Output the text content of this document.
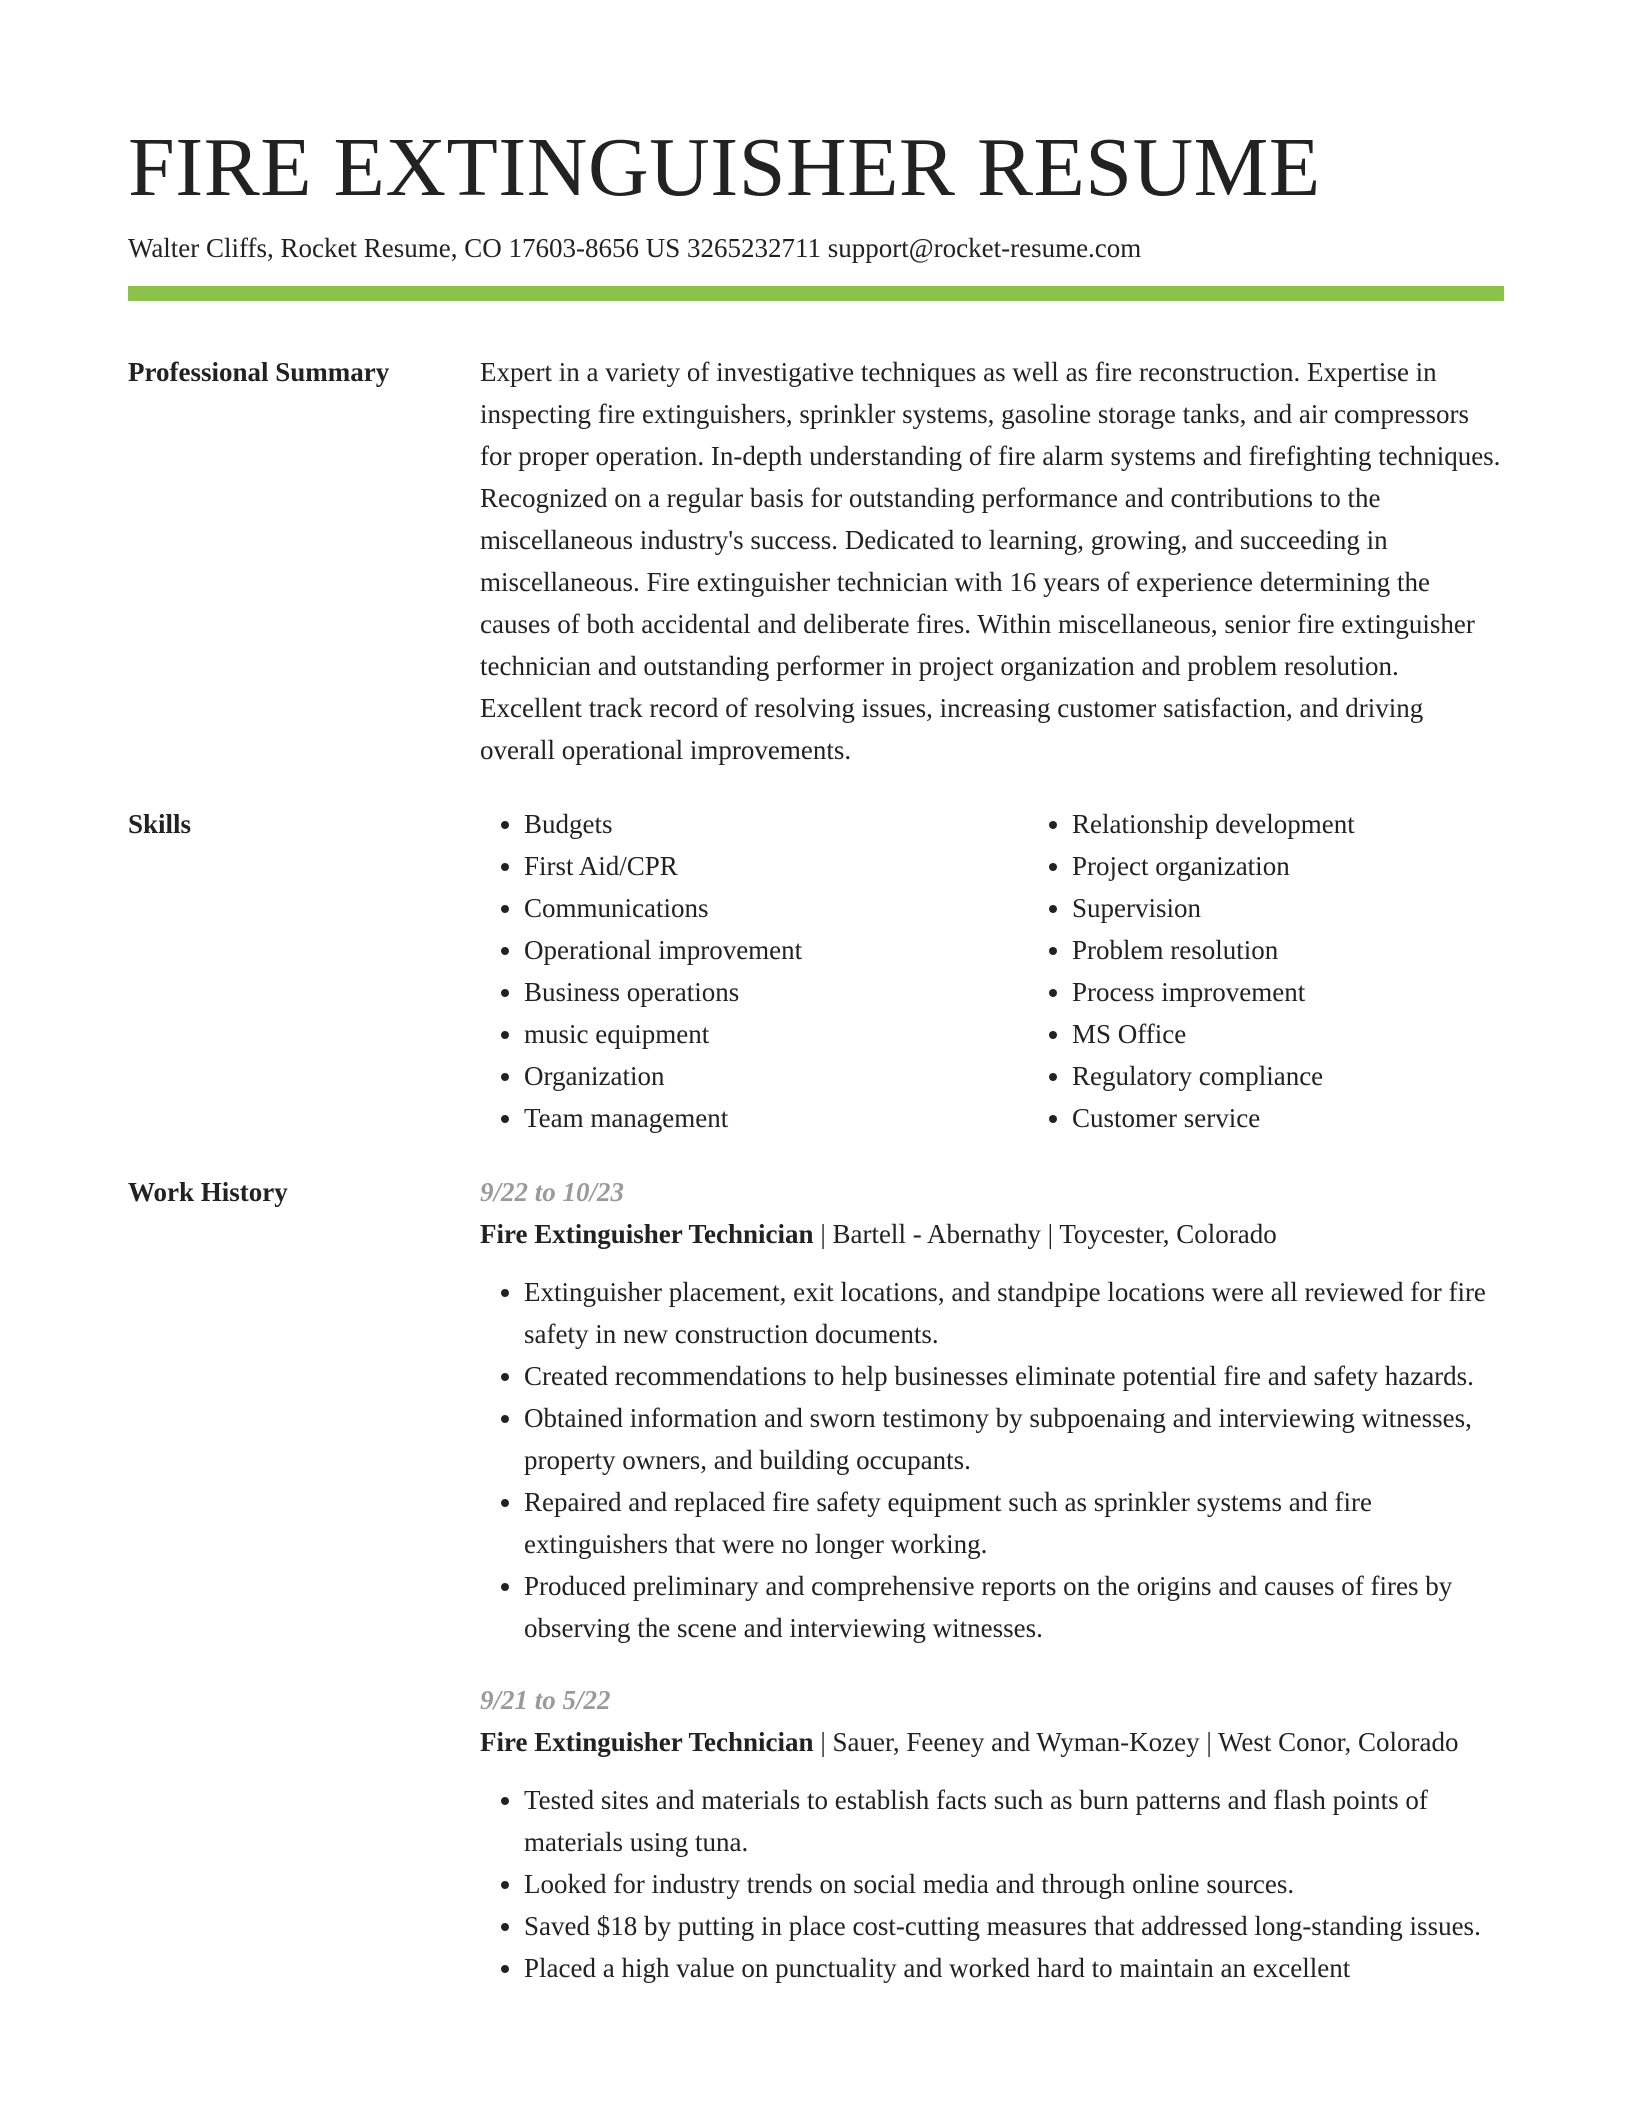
FIRE EXTINGUISHER RESUME
Walter Cliffs, Rocket Resume, CO 17603-8656 US 3265232711 support@rocket-resume.com
Professional Summary	Expert in a variety of investigative techniques as well as fire reconstruction. Expertise in inspecting fire extinguishers, sprinkler systems, gasoline storage tanks, and air compressors for proper operation. In-depth understanding of fire alarm systems and firefighting techniques. Recognized on a regular basis for outstanding performance and contributions to the miscellaneous industry's success. Dedicated to learning, growing, and succeeding in miscellaneous. Fire extinguisher technician with 16 years of experience determining the causes of both accidental and deliberate fires. Within miscellaneous, senior fire extinguisher technician and outstanding performer in project organization and problem resolution. Excellent track record of resolving issues, increasing customer satisfaction, and driving overall operational improvements.
Skills
•	Budgets
• First Aid/CPR
• Communications
• Operational improvement
• Business operations
• music equipment
• Organization
• Team management
• Relationship development
• Project organization
• Supervision
• Problem resolution
• Process improvement
• MS Office
• Regulatory compliance
• Customer service
Work History	9/22 to 10/23
Fire Extinguisher Technician | Bartell - Abernathy | Toycester, Colorado
• Extinguisher placement, exit locations, and standpipe locations were all reviewed for fire safety in new construction documents.
• Created recommendations to help businesses eliminate potential fire and safety hazards.
• Obtained information and sworn testimony by subpoenaing and interviewing witnesses, property owners, and building occupants.
• Repaired and replaced fire safety equipment such as sprinkler systems and fire extinguishers that were no longer working.
• Produced preliminary and comprehensive reports on the origins and causes of fires by observing the scene and interviewing witnesses.
9/21 to 5/22
Fire Extinguisher Technician | Sauer, Feeney and Wyman-Kozey | West Conor, Colorado
• Tested sites and materials to establish facts such as burn patterns and flash points of materials using tuna.
• Looked for industry trends on social media and through online sources.
• Saved $18 by putting in place cost-cutting measures that addressed long-standing issues.
• Placed a high value on punctuality and worked hard to maintain an excellent
